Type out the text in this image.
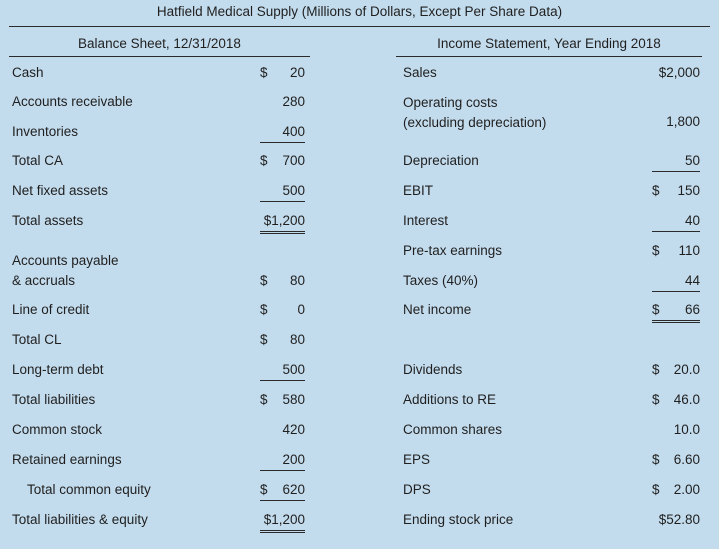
Hatfield Medical Supply (Millions of Dollars, Except Per Share Data)
Balance Sheet, 12/31/2018	Income Statement, Year Ending 2018
Cash	$ 20
Accounts receivable	280
Inventories	400
Total CA	$ 700
Net fixed assets	500
Total assets	$1,200
Accounts payable
& accruals	$ 80
Line of credit	$ 0
Total CL	$ 80
Long-term debt	500
Total liabilities	$ 580
Common stock	420
Retained earnings	200
Total common equity	$ 620
Total liabilities & equity	$1,200
Sales	$2,000
Operating costs
(excluding depreciation)	1,800
Depreciation	50
EBIT	$ 150
Interest	40
Pre-tax earnings	$ 110
Taxes (40%)	44
Net income	$ 66
Dividends	$ 20.0
Additions to RE	$ 46.0
Common shares	10.0
EPS	$ 6.60
DPS	$ 2.00
Ending stock price	$52.80
